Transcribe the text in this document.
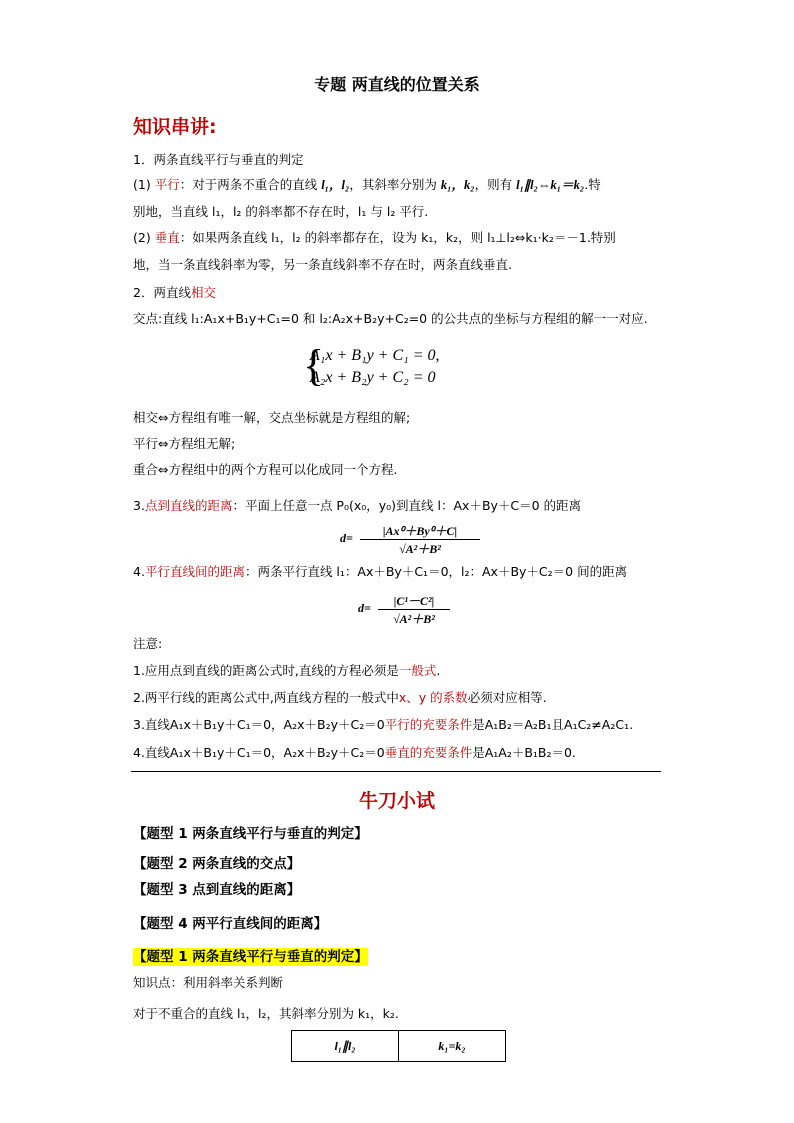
专题 两直线的位置关系
知识串讲:
1．两条直线平行与垂直的判定
(1) 平行：对于两条不重合的直线 l₁，l₂，其斜率分别为 k₁，k₂，则有 l₁∥l₂⇔k₁＝k₂.特
别地，当直线 l₁，l₂ 的斜率都不存在时，l₁ 与 l₂ 平行.
(2) 垂直：如果两条直线 l₁，l₂ 的斜率都存在，设为 k₁，k₂，则 l₁⊥l₂⇔k₁·k₂＝－1.特别
地，当一条直线斜率为零，另一条直线斜率不存在时，两条直线垂直.
2．两直线相交
交点:直线 l₁:A₁x+B₁y+C₁=0 和 l₂:A₂x+B₂y+C₂=0 的公共点的坐标与方程组的解一一对应.
{
A₁x + B₁y + C₁ = 0,
A₂x + B₂y + C₂ = 0
相交⇔方程组有唯一解，交点坐标就是方程组的解;
平行⇔方程组无解;
重合⇔方程组中的两个方程可以化成同一个方程.
3.点到直线的距离：平面上任意一点 P₀(x₀，y₀)到直线 l：Ax＋By＋C＝0 的距离
$d= \frac{\text{|Ax⁰＋By⁰＋C|}}{\text{√A²＋B²}}$
4.平行直线间的距离：两条平行直线 l₁：Ax＋By＋C₁＝0，l₂：Ax＋By＋C₂＝0 间的距离
$d= \frac{\text{|C¹－C²|}}{\text{√A²＋B²}}$
注意:
1.应用点到直线的距离公式时,直线的方程必须是一般式.
2.两平行线的距离公式中,两直线方程的一般式中x、y 的系数必须对应相等.
3.直线A₁x＋B₁y＋C₁＝0，A₂x＋B₂y＋C₂＝0平行的充要条件是A₁B₂＝A₂B₁且A₁C₂≠A₂C₁.
4.直线A₁x＋B₁y＋C₁＝0，A₂x＋B₂y＋C₂＝0垂直的充要条件是A₁A₂＋B₁B₂＝0.
牛刀小试
【题型 1 两条直线平行与垂直的判定】
【题型 2 两条直线的交点】
【题型 3 点到直线的距离】
【题型 4 两平行直线间的距离】
【题型 1 两条直线平行与垂直的判定】
知识点：利用斜率关系判断
对于不重合的直线 l₁，l₂，其斜率分别为 k₁，k₂.
l₁∥l₂	k₁=k₂
